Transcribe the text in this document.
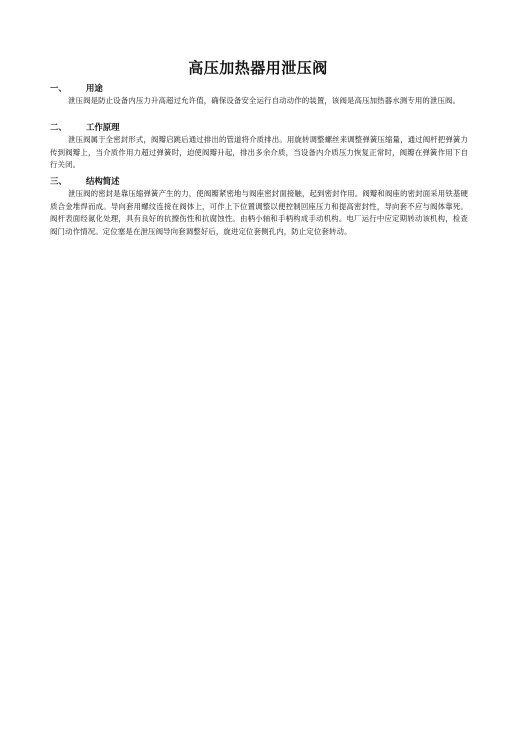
高压加热器用泄压阀
一、 用途
泄压阀是防止设备内压力升高超过允许值，确保设备安全运行自动动作的装置，该阀是高压加热器水测专用的泄压阀。
二、 工作原理
泄压阀属于全密封形式，阀瓣启跳后通过排出的管道将介质排出。用旋转调整螺丝来调整弹簧压缩量，通过阀杆把弹簧力传到阀瓣上，当介质作用力超过弹簧时，迫使阀瓣升起，排出多余介质，当设备内介质压力恢复正常时，阀瓣在弹簧作用下自行关闭。
三、 结构简述
泄压阀的密封是靠压缩弹簧产生的力，使阀瓣紧密地与阀座密封面接触，起到密封作用。阀瓣和阀座的密封面采用铁基硬质合金堆焊而成。导向套用螺纹连接在阀体上，可作上下位置调整以便控制回座压力和提高密封性，导向套不应与阀体靠死。阀杆表面经氮化处理，具有良好的抗擦伤性和抗腐蚀性。由柄小轴和手柄构成手动机构。电厂运行中应定期转动该机构，检查阀门动作情况。定位塞是在泄压阀导向套调整好后，旋进定位套侧孔内，防止定位套转动。
